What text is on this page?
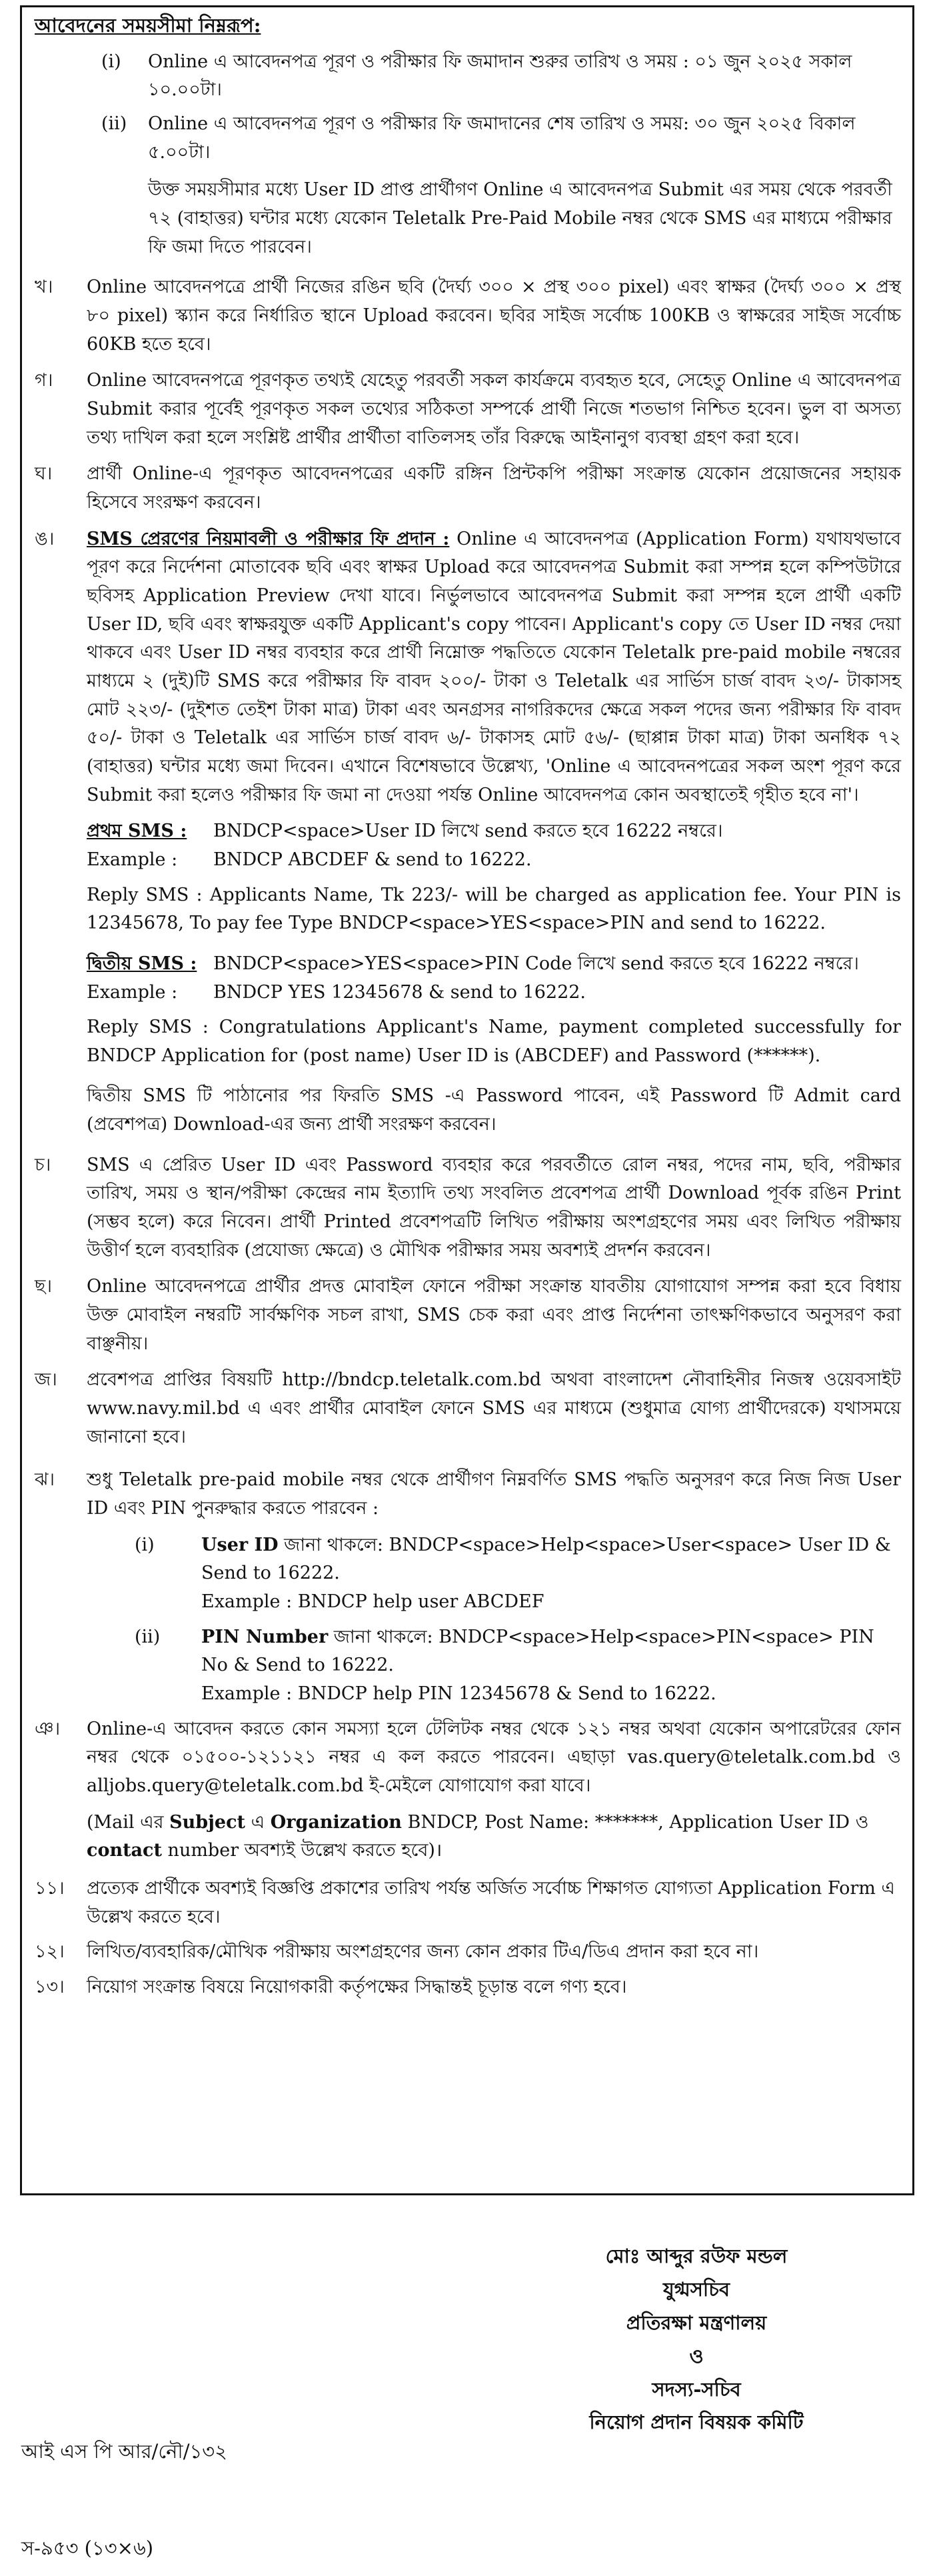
আবেদনের সময়সীমা নিম্নরূপ:
(i) Online এ আবেদনপত্র পূরণ ও পরীক্ষার ফি জমাদান শুরুর তারিখ ও সময় : ০১ জুন ২০২৫ সকাল ১০.০০টা।
(ii) Online এ আবেদনপত্র পূরণ ও পরীক্ষার ফি জমাদানের শেষ তারিখ ও সময়: ৩০ জুন ২০২৫ বিকাল ৫.০০টা।
উক্ত সময়সীমার মধ্যে User ID প্রাপ্ত প্রার্থীগণ Online এ আবেদনপত্র Submit এর সময় থেকে পরবর্তী ৭২ (বাহাত্তর) ঘন্টার মধ্যে যেকোন Teletalk Pre-Paid Mobile নম্বর থেকে SMS এর মাধ্যমে পরীক্ষার ফি জমা দিতে পারবেন।
খ। Online আবেদনপত্রে প্রার্থী নিজের রঙিন ছবি (দৈর্ঘ্য ৩০০ × প্রস্থ ৩০০ pixel) এবং স্বাক্ষর (দৈর্ঘ্য ৩০০ × প্রস্থ ৮০ pixel) স্ক্যান করে নির্ধারিত স্থানে Upload করবেন। ছবির সাইজ সর্বোচ্চ 100KB ও স্বাক্ষরের সাইজ সর্বোচ্চ 60KB হতে হবে।
গ। Online আবেদনপত্রে পূরণকৃত তথ্যই যেহেতু পরবর্তী সকল কার্যক্রমে ব্যবহৃত হবে, সেহেতু Online এ আবেদনপত্র Submit করার পূর্বেই পূরণকৃত সকল তথ্যের সঠিকতা সম্পর্কে প্রার্থী নিজে শতভাগ নিশ্চিত হবেন। ভুল বা অসত্য তথ্য দাখিল করা হলে সংশ্লিষ্ট প্রার্থীর প্রার্থীতা বাতিলসহ তাঁর বিরুদ্ধে আইনানুগ ব্যবস্থা গ্রহণ করা হবে।
ঘ। প্রার্থী Online-এ পূরণকৃত আবেদনপত্রের একটি রঙ্গিন প্রিন্টকপি পরীক্ষা সংক্রান্ত যেকোন প্রয়োজনের সহায়ক হিসেবে সংরক্ষণ করবেন।
ঙ। SMS প্রেরণের নিয়মাবলী ও পরীক্ষার ফি প্রদান : Online এ আবেদনপত্র (Application Form) যথাযথভাবে পূরণ করে নির্দেশনা মোতাবেক ছবি এবং স্বাক্ষর Upload করে আবেদনপত্র Submit করা সম্পন্ন হলে কম্পিউটারে ছবিসহ Application Preview দেখা যাবে। নির্ভুলভাবে আবেদনপত্র Submit করা সম্পন্ন হলে প্রার্থী একটি User ID, ছবি এবং স্বাক্ষরযুক্ত একটি Applicant's copy পাবেন। Applicant's copy তে User ID নম্বর দেয়া থাকবে এবং User ID নম্বর ব্যবহার করে প্রার্থী নিম্নোক্ত পদ্ধতিতে যেকোন Teletalk pre-paid mobile নম্বরের মাধ্যমে ২ (দুই)টি SMS করে পরীক্ষার ফি বাবদ ২০০/- টাকা ও Teletalk এর সার্ভিস চার্জ বাবদ ২৩/- টাকাসহ মোট ২২৩/- (দুইশত তেইশ টাকা মাত্র) টাকা এবং অনগ্রসর নাগরিকদের ক্ষেত্রে সকল পদের জন্য পরীক্ষার ফি বাবদ ৫০/- টাকা ও Teletalk এর সার্ভিস চার্জ বাবদ ৬/- টাকাসহ মোট ৫৬/- (ছাপ্পান্ন টাকা মাত্র) টাকা অনধিক ৭২ (বাহাত্তর) ঘন্টার মধ্যে জমা দিবেন। এখানে বিশেষভাবে উল্লেখ্য, 'Online এ আবেদনপত্রের সকল অংশ পূরণ করে Submit করা হলেও পরীক্ষার ফি জমা না দেওয়া পর্যন্ত Online আবেদনপত্র কোন অবস্থাতেই গৃহীত হবে না'।
প্রথম SMS :	BNDCP<space>User ID লিখে send করতে হবে 16222 নম্বরে।
Example :	BNDCP ABCDEF & send to 16222.
Reply SMS : Applicants Name, Tk 223/- will be charged as application fee. Your PIN is 12345678, To pay fee Type BNDCP<space>YES<space>PIN and send to 16222.
দ্বিতীয় SMS : BNDCP<space>YES<space>PIN Code লিখে send করতে হবে 16222 নম্বরে।
Example :	BNDCP YES 12345678 & send to 16222.
Reply SMS : Congratulations Applicant's Name, payment completed successfully for BNDCP Application for (post name) User ID is (ABCDEF) and Password (******).
দ্বিতীয় SMS টি পাঠানোর পর ফিরতি SMS -এ Password পাবেন, এই Password টি Admit card (প্রবেশপত্র) Download-এর জন্য প্রার্থী সংরক্ষণ করবেন।
চ। SMS এ প্রেরিত User ID এবং Password ব্যবহার করে পরবর্তীতে রোল নম্বর, পদের নাম, ছবি, পরীক্ষার তারিখ, সময় ও স্থান/পরীক্ষা কেন্দ্রের নাম ইত্যাদি তথ্য সংবলিত প্রবেশপত্র প্রার্থী Download পূর্বক রঙিন Print (সম্ভব হলে) করে নিবেন। প্রার্থী Printed প্রবেশপত্রটি লিখিত পরীক্ষায় অংশগ্রহণের সময় এবং লিখিত পরীক্ষায় উত্তীর্ণ হলে ব্যবহারিক (প্রযোজ্য ক্ষেত্রে) ও মৌখিক পরীক্ষার সময় অবশ্যই প্রদর্শন করবেন।
ছ। Online আবেদনপত্রে প্রার্থীর প্রদত্ত মোবাইল ফোনে পরীক্ষা সংক্রান্ত যাবতীয় যোগাযোগ সম্পন্ন করা হবে বিধায় উক্ত মোবাইল নম্বরটি সার্বক্ষণিক সচল রাখা, SMS চেক করা এবং প্রাপ্ত নির্দেশনা তাৎক্ষণিকভাবে অনুসরণ করা বাঞ্ছনীয়।
জ। প্রবেশপত্র প্রাপ্তির বিষয়টি http://bndcp.teletalk.com.bd অথবা বাংলাদেশ নৌবাহিনীর নিজস্ব ওয়েবসাইট www.navy.mil.bd এ এবং প্রার্থীর মোবাইল ফোনে SMS এর মাধ্যমে (শুধুমাত্র যোগ্য প্রার্থীদেরকে) যথাসময়ে জানানো হবে।
ঝ। শুধু Teletalk pre-paid mobile নম্বর থেকে প্রার্থীগণ নিম্নবর্ণিত SMS পদ্ধতি অনুসরণ করে নিজ নিজ User ID এবং PIN পুনরুদ্ধার করতে পারবেন :
(i)	User ID জানা থাকলে: BNDCP<space>Help<space>User<space> User ID & Send to 16222.
Example : BNDCP help user ABCDEF
(ii) PIN Number জানা থাকলে: BNDCP<space>Help<space>PIN<space> PIN No & Send to 16222.
Example : BNDCP help PIN 12345678 & Send to 16222.
ঞ। Online-এ আবেদন করতে কোন সমস্যা হলে টেলিটক নম্বর থেকে ১২১ নম্বর অথবা যেকোন অপারেটরের ফোন নম্বর থেকে ০১৫০০-১২১১২১ নম্বর এ কল করতে পারবেন। এছাড়া vas.query@teletalk.com.bd ও alljobs.query@teletalk.com.bd ই-মেইলে যোগাযোগ করা যাবে।
(Mail এর Subject এ Organization BNDCP, Post Name: *******, Application User ID ও contact number অবশ্যই উল্লেখ করতে হবে)।
১১। প্রত্যেক প্রার্থীকে অবশ্যই বিজ্ঞপ্তি প্রকাশের তারিখ পর্যন্ত অর্জিত সর্বোচ্চ শিক্ষাগত যোগ্যতা Application Form এ উল্লেখ করতে হবে।
১২। লিখিত/ব্যবহারিক/মৌখিক পরীক্ষায় অংশগ্রহণের জন্য কোন প্রকার টিএ/ডিএ প্রদান করা হবে না।
১৩। নিয়োগ সংক্রান্ত বিষয়ে নিয়োগকারী কর্তৃপক্ষের সিদ্ধান্তই চূড়ান্ত বলে গণ্য হবে।
মোঃ আব্দুর রউফ মন্ডল
যুগ্মসচিব
প্রতিরক্ষা মন্ত্রণালয়
ও
সদস্য-সচিব
নিয়োগ প্রদান বিষয়ক কমিটি
আই এস পি আর/নৌ/১৩২
স-৯৫৩ (১৩×৬)
